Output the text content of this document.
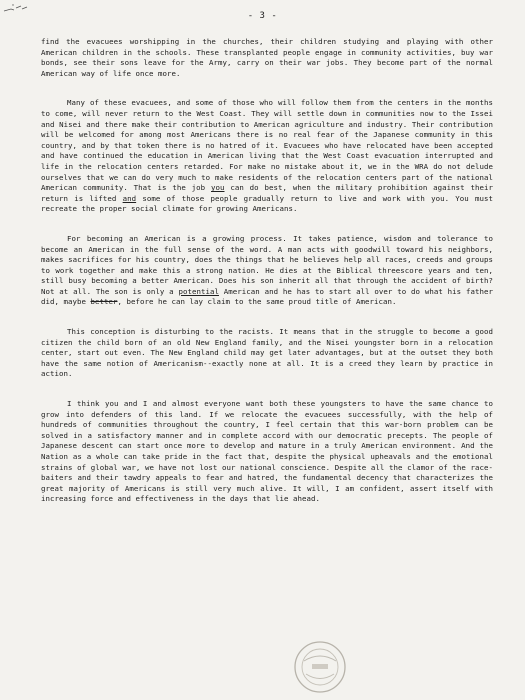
- 3 -

find the evacuees worshipping in the churches, their children studying and playing with other American children in the schools. These transplanted people engage in community activities, buy war bonds, see their sons leave for the Army, carry on their war jobs. They become part of the normal American way of life once more.

Many of these evacuees, and some of those who will follow them from the centers in the months to come, will never return to the West Coast. They will settle down in communities now to the Issei and Nisei and there make their contribution to American agriculture and industry. Their contribution will be welcomed for among most Americans there is no real fear of the Japanese community in this country, and by that token there is no hatred of it. Evacuees who have relocated have been accepted and have continued the education in American living that the West Coast evacuation interrupted and life in the relocation centers retarded. For make no mistake about it, we in the WRA do not delude ourselves that we can do very much to make residents of the relocation centers part of the national American community. That is the job you can do best, when the military prohibition against their return is lifted and some of those people gradually return to live and work with you. You must recreate the proper social climate for growing Americans.

For becoming an American is a growing process. It takes patience, wisdom and tolerance to become an American in the full sense of the word. A man acts with goodwill toward his neighbors, makes sacrifices for his country, does the things that he believes help all races, creeds and groups to work together and make this a strong nation. He dies at the Biblical threescore years and ten, still busy becoming a better American. Does his son inherit all that through the accident of birth? Not at all. The son is only a potential American and he has to start all over to do what his father did, maybe better, before he can lay claim to the same proud title of American.

This conception is disturbing to the racists. It means that in the struggle to become a good citizen the child born of an old New England family, and the Nisei youngster born in a relocation center, start out even. The New England child may get later advantages, but at the outset they both have the same notion of Americanism--exactly none at all. It is a creed they learn by practice in action.

I think you and I and almost everyone want both these youngsters to have the same chance to grow into defenders of this land. If we relocate the evacuees successfully, with the help of hundreds of communities throughout the country, I feel certain that this war-born problem can be solved in a satisfactory manner and in complete accord with our democratic precepts. The people of Japanese descent can start once more to develop and mature in a truly American environment. And the Nation as a whole can take pride in the fact that, despite the physical upheavals and the emotional strains of global war, we have not lost our national conscience. Despite all the clamor of the race-baiters and their tawdry appeals to fear and hatred, the fundamental decency that characterizes the great majority of Americans is still very much alive. It will, I am confident, assert itself with increasing force and effectiveness in the days that lie ahead.
